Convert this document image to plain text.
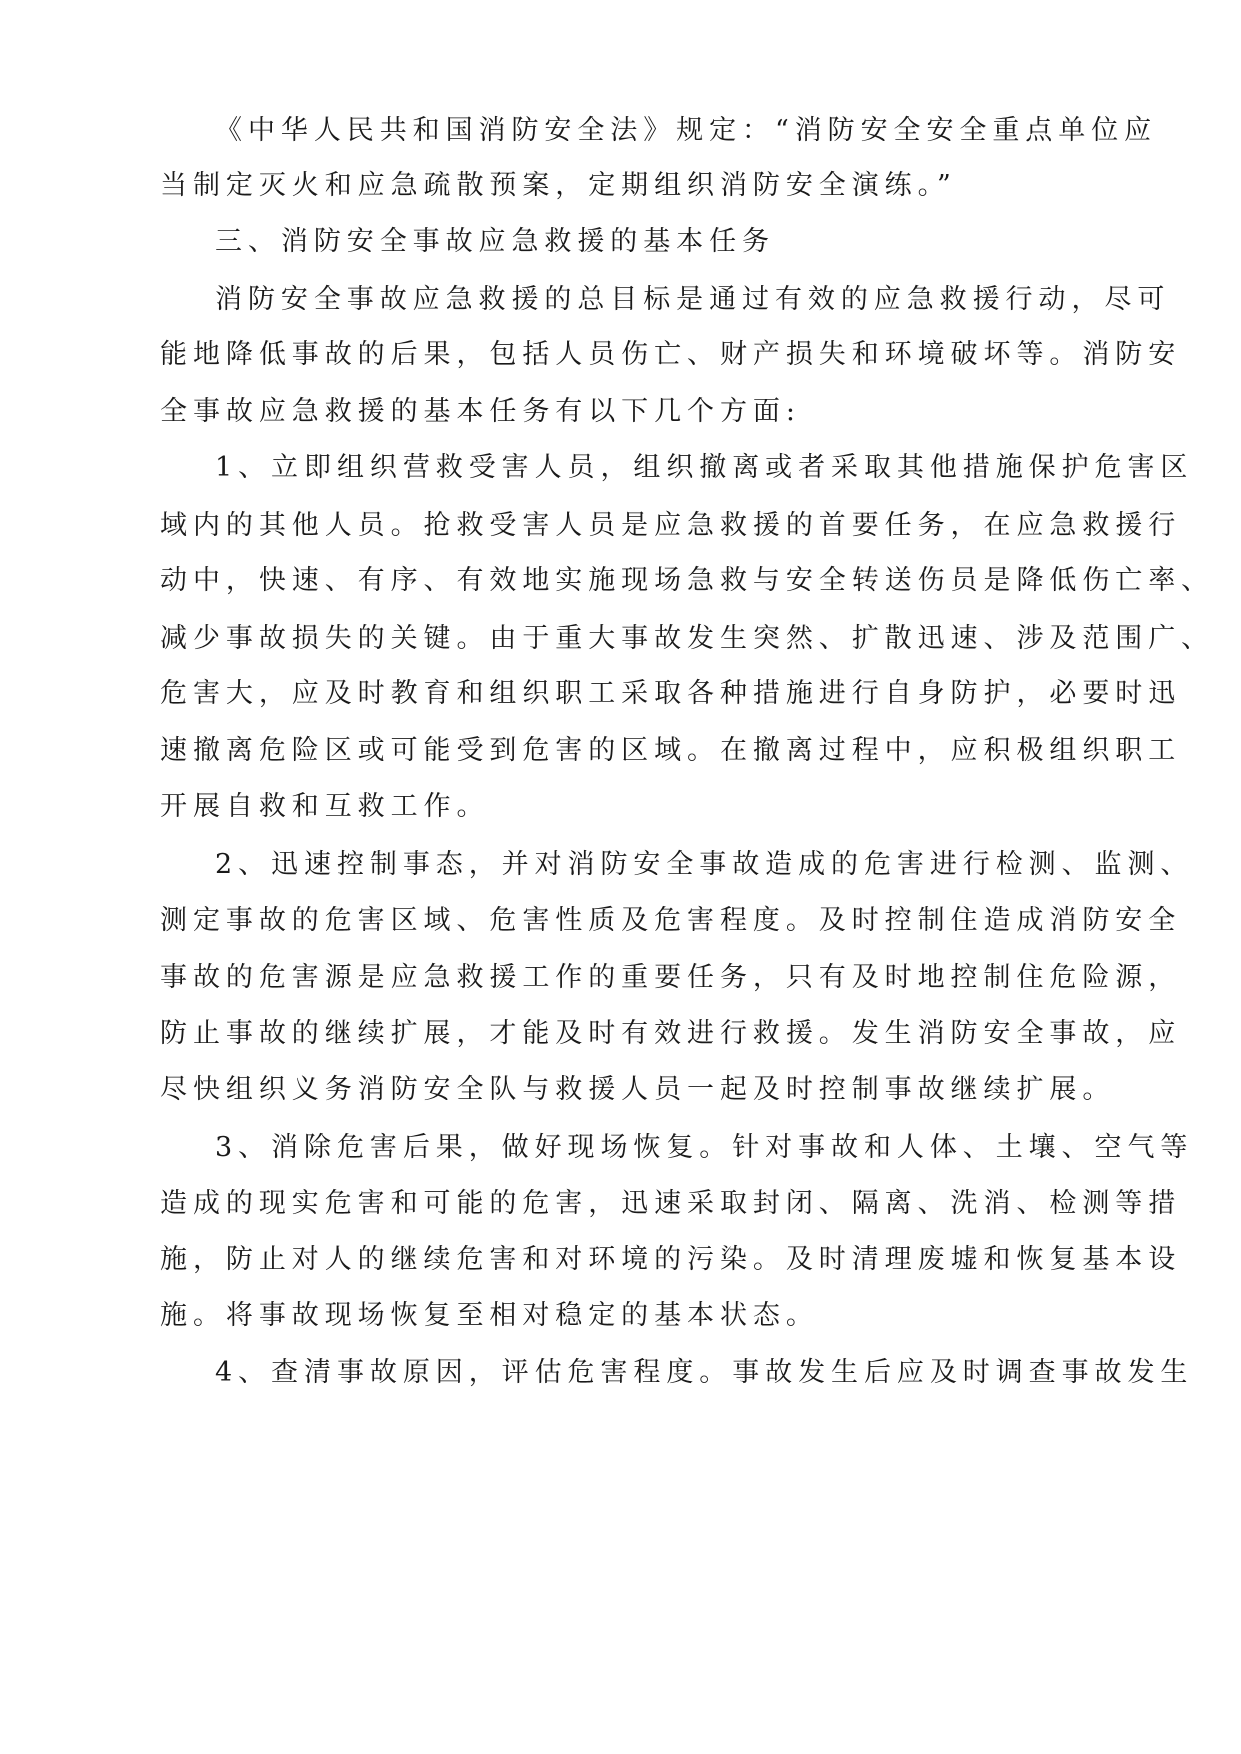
《中华人民共和国消防安全法》规定：“消防安全安全重点单位应

当制定灭火和应急疏散预案，定期组织消防安全演练。”

三、消防安全事故应急救援的基本任务

消防安全事故应急救援的总目标是通过有效的应急救援行动，尽可

能地降低事故的后果，包括人员伤亡、财产损失和环境破坏等。消防安

全事故应急救援的基本任务有以下几个方面:

1、立即组织营救受害人员，组织撤离或者采取其他措施保护危害区

域内的其他人员。抢救受害人员是应急救援的首要任务，在应急救援行

动中，快速、有序、有效地实施现场急救与安全转送伤员是降低伤亡率、

减少事故损失的关键。由于重大事故发生突然、扩散迅速、涉及范围广、

危害大，应及时教育和组织职工采取各种措施进行自身防护，必要时迅

速撤离危险区或可能受到危害的区域。在撤离过程中，应积极组织职工

开展自救和互救工作。

2、迅速控制事态，并对消防安全事故造成的危害进行检测、监测、

测定事故的危害区域、危害性质及危害程度。及时控制住造成消防安全

事故的危害源是应急救援工作的重要任务，只有及时地控制住危险源，

防止事故的继续扩展，才能及时有效进行救援。发生消防安全事故，应

尽快组织义务消防安全队与救援人员一起及时控制事故继续扩展。

3、消除危害后果，做好现场恢复。针对事故和人体、土壤、空气等

造成的现实危害和可能的危害，迅速采取封闭、隔离、洗消、检测等措

施，防止对人的继续危害和对环境的污染。及时清理废墟和恢复基本设

施。将事故现场恢复至相对稳定的基本状态。

4、查清事故原因，评估危害程度。事故发生后应及时调查事故发生
